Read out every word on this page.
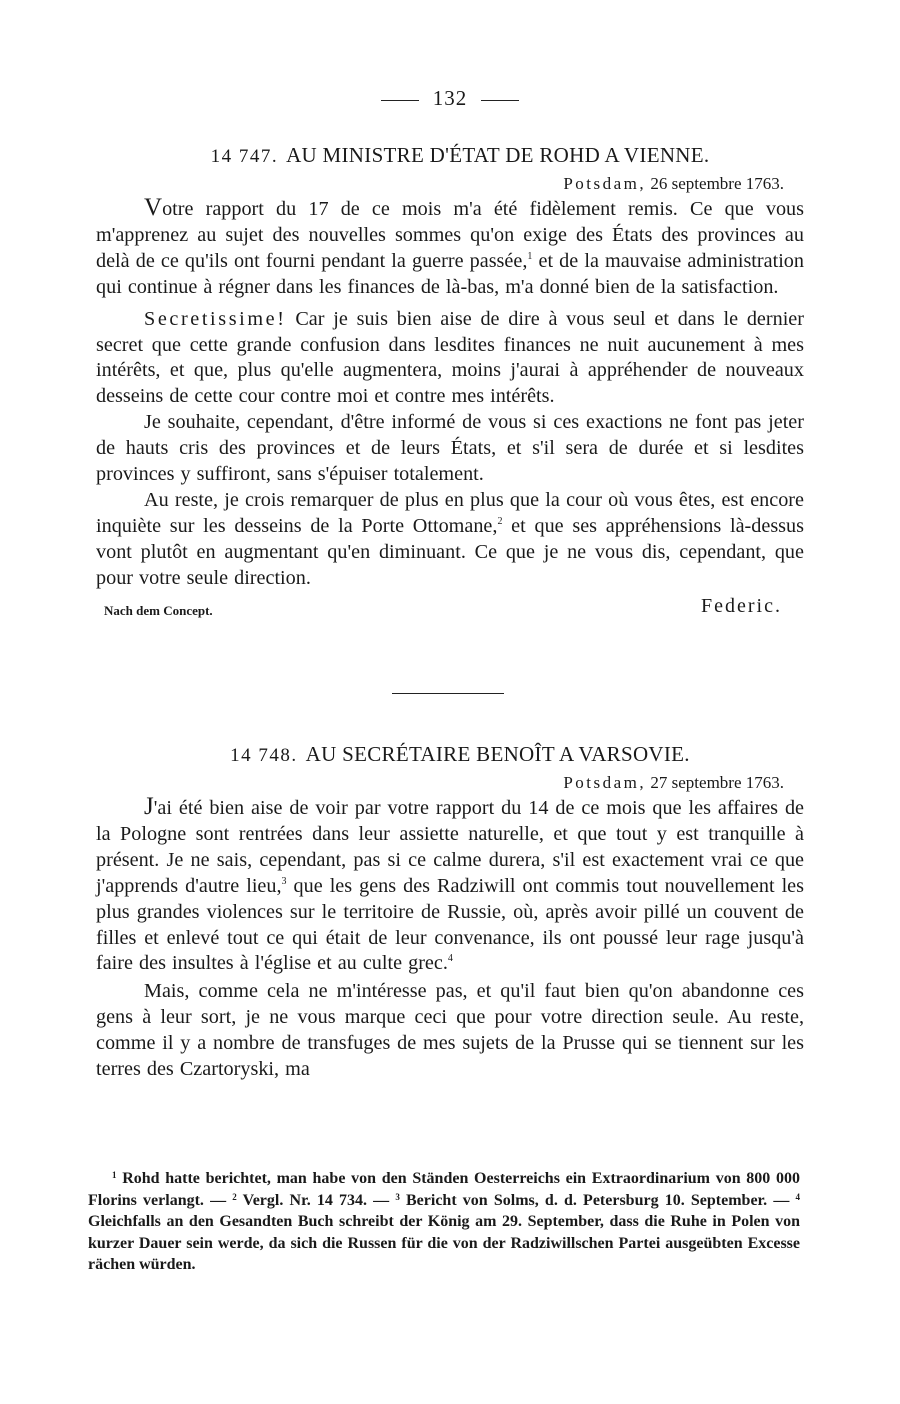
132
14 747. AU MINISTRE D'ÉTAT DE ROHD A VIENNE.
Potsdam, 26 septembre 1763.

Votre rapport du 17 de ce mois m'a été fidèlement remis. Ce que vous m'apprenez au sujet des nouvelles sommes qu'on exige des États des provinces au delà de ce qu'ils ont fourni pendant la guerre passée,$^1$ et de la mauvaise administration qui continue à régner dans les finances de là-bas, m'a donné bien de la satisfaction.

Secretissime! Car je suis bien aise de dire à vous seul et dans le dernier secret que cette grande confusion dans lesdites finances ne nuit aucunement à mes intérêts, et que, plus qu'elle augmentera, moins j'aurai à appréhender de nouveaux desseins de cette cour contre moi et contre mes intérêts.

Je souhaite, cependant, d'être informé de vous si ces exactions ne font pas jeter de hauts cris des provinces et de leurs États, et s'il sera de durée et si lesdites provinces y suffiront, sans s'épuiser totalement.

Au reste, je crois remarquer de plus en plus que la cour où vous êtes, est encore inquiète sur les desseins de la Porte Ottomane,$^2$ et que ses appréhensions là-dessus vont plutôt en augmentant qu'en diminuant. Ce que je ne vous dis, cependant, que pour votre seule direction.

Nach dem Concept.	Federic.
14 748. AU SECRÉTAIRE BENOÎT A VARSOVIE.
Potsdam, 27 septembre 1763.

J'ai été bien aise de voir par votre rapport du 14 de ce mois que les affaires de la Pologne sont rentrées dans leur assiette naturelle, et que tout y est tranquille à présent. Je ne sais, cependant, pas si ce calme durera, s'il est exactement vrai ce que j'apprends d'autre lieu,$^3$ que les gens des Radziwill ont commis tout nouvellement les plus grandes violences sur le territoire de Russie, où, après avoir pillé un couvent de filles et enlevé tout ce qui était de leur convenance, ils ont poussé leur rage jusqu'à faire des insultes à l'église et au culte grec.$^4$

Mais, comme cela ne m'intéresse pas, et qu'il faut bien qu'on abandonne ces gens à leur sort, je ne vous marque ceci que pour votre direction seule. Au reste, comme il y a nombre de transfuges de mes sujets de la Prusse qui se tiennent sur les terres des Czartoryski, ma

$^1$ Rohd hatte berichtet, man habe von den Ständen Oesterreichs ein Extraordinarium von 800 000 Florins verlangt. — $^2$ Vergl. Nr. 14 734. — $^3$ Bericht von Solms, d. d. Petersburg 10. September. — $^4$ Gleichfalls an den Gesandten Buch schreibt der König am 29. September, dass die Ruhe in Polen von kurzer Dauer sein werde, da sich die Russen für die von der Radziwillschen Partei ausgeübten Excesse rächen würden.
